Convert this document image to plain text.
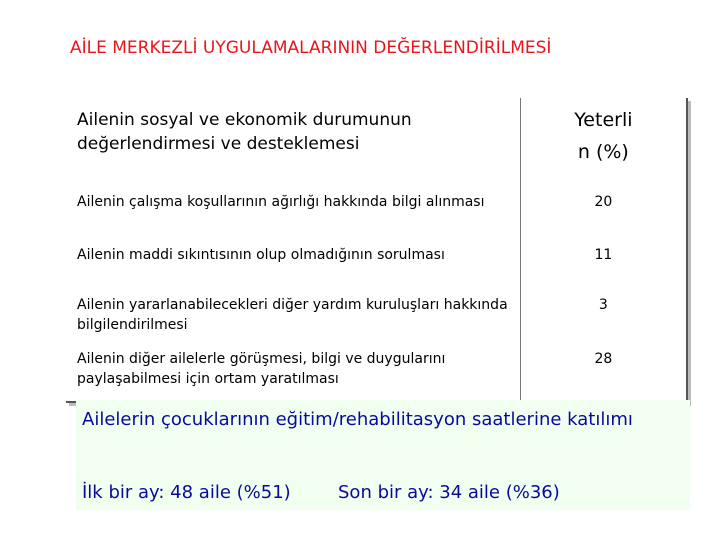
AİLE MERKEZLİ UYGULAMALARININ DEĞERLENDİRİLMESİ
Ailenin sosyal ve ekonomik durumunun değerlendirmesi ve desteklemesi	Yeterli
n (%)

Ailenin çalışma koşullarının ağırlığı hakkında bilgi alınması	20
Ailenin maddi sıkıntısının olup olmadığının sorulması	11
Ailenin yararlanabilecekleri diğer yardım kuruluşları hakkında bilgilendirilmesi	3
Ailenin diğer ailelerle görüşmesi, bilgi ve duygularını paylaşabilmesi için ortam yaratılması	28
Ailelerin çocuklarının eğitim/rehabilitasyon saatlerine katılımı
İlk bir ay: 48 aile (%51)	Son bir ay: 34 aile (%36)
